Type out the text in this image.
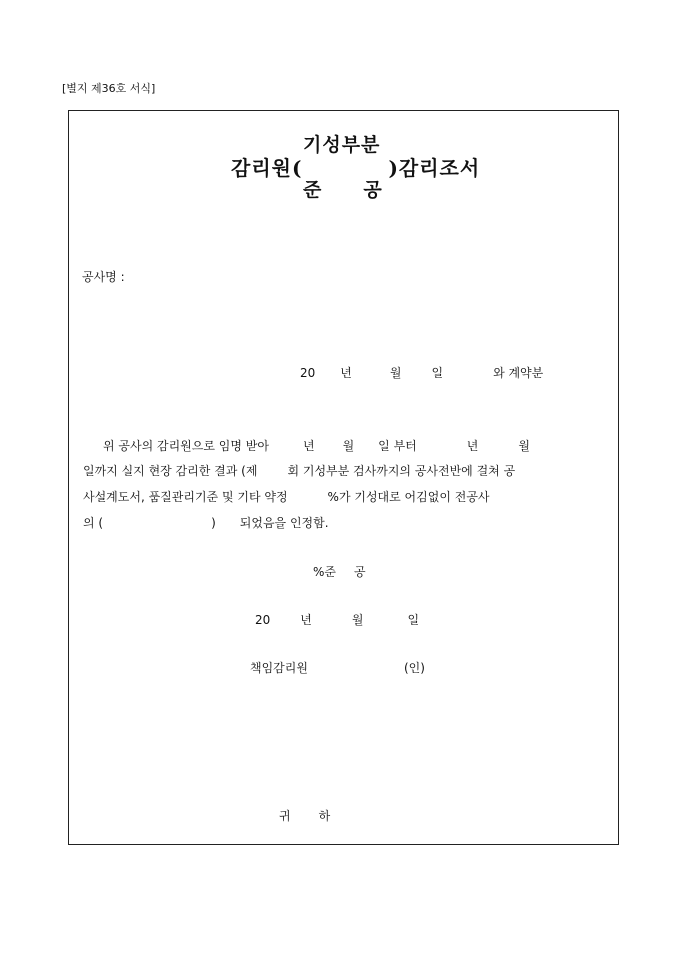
[별지 제36호 서식]
기성부분
감리원(	)감리조서
준 공
공사명 :
20 년	월	일	와 계약분
위 공사의 감리원으로 임명 받아	년 월 일 부터	년	월
일까지 실지 현장 감리한 결과 (제	회 기성부분 검사까지의 공사전반에 걸쳐 공
사설계도서, 품질관리기준 및 기타 약정	%가 기성대로 어김없이 전공사
의 (	) 되었음을 인정함.
%준 공
20	년	월	일
책임감리원	(인)
귀 하
